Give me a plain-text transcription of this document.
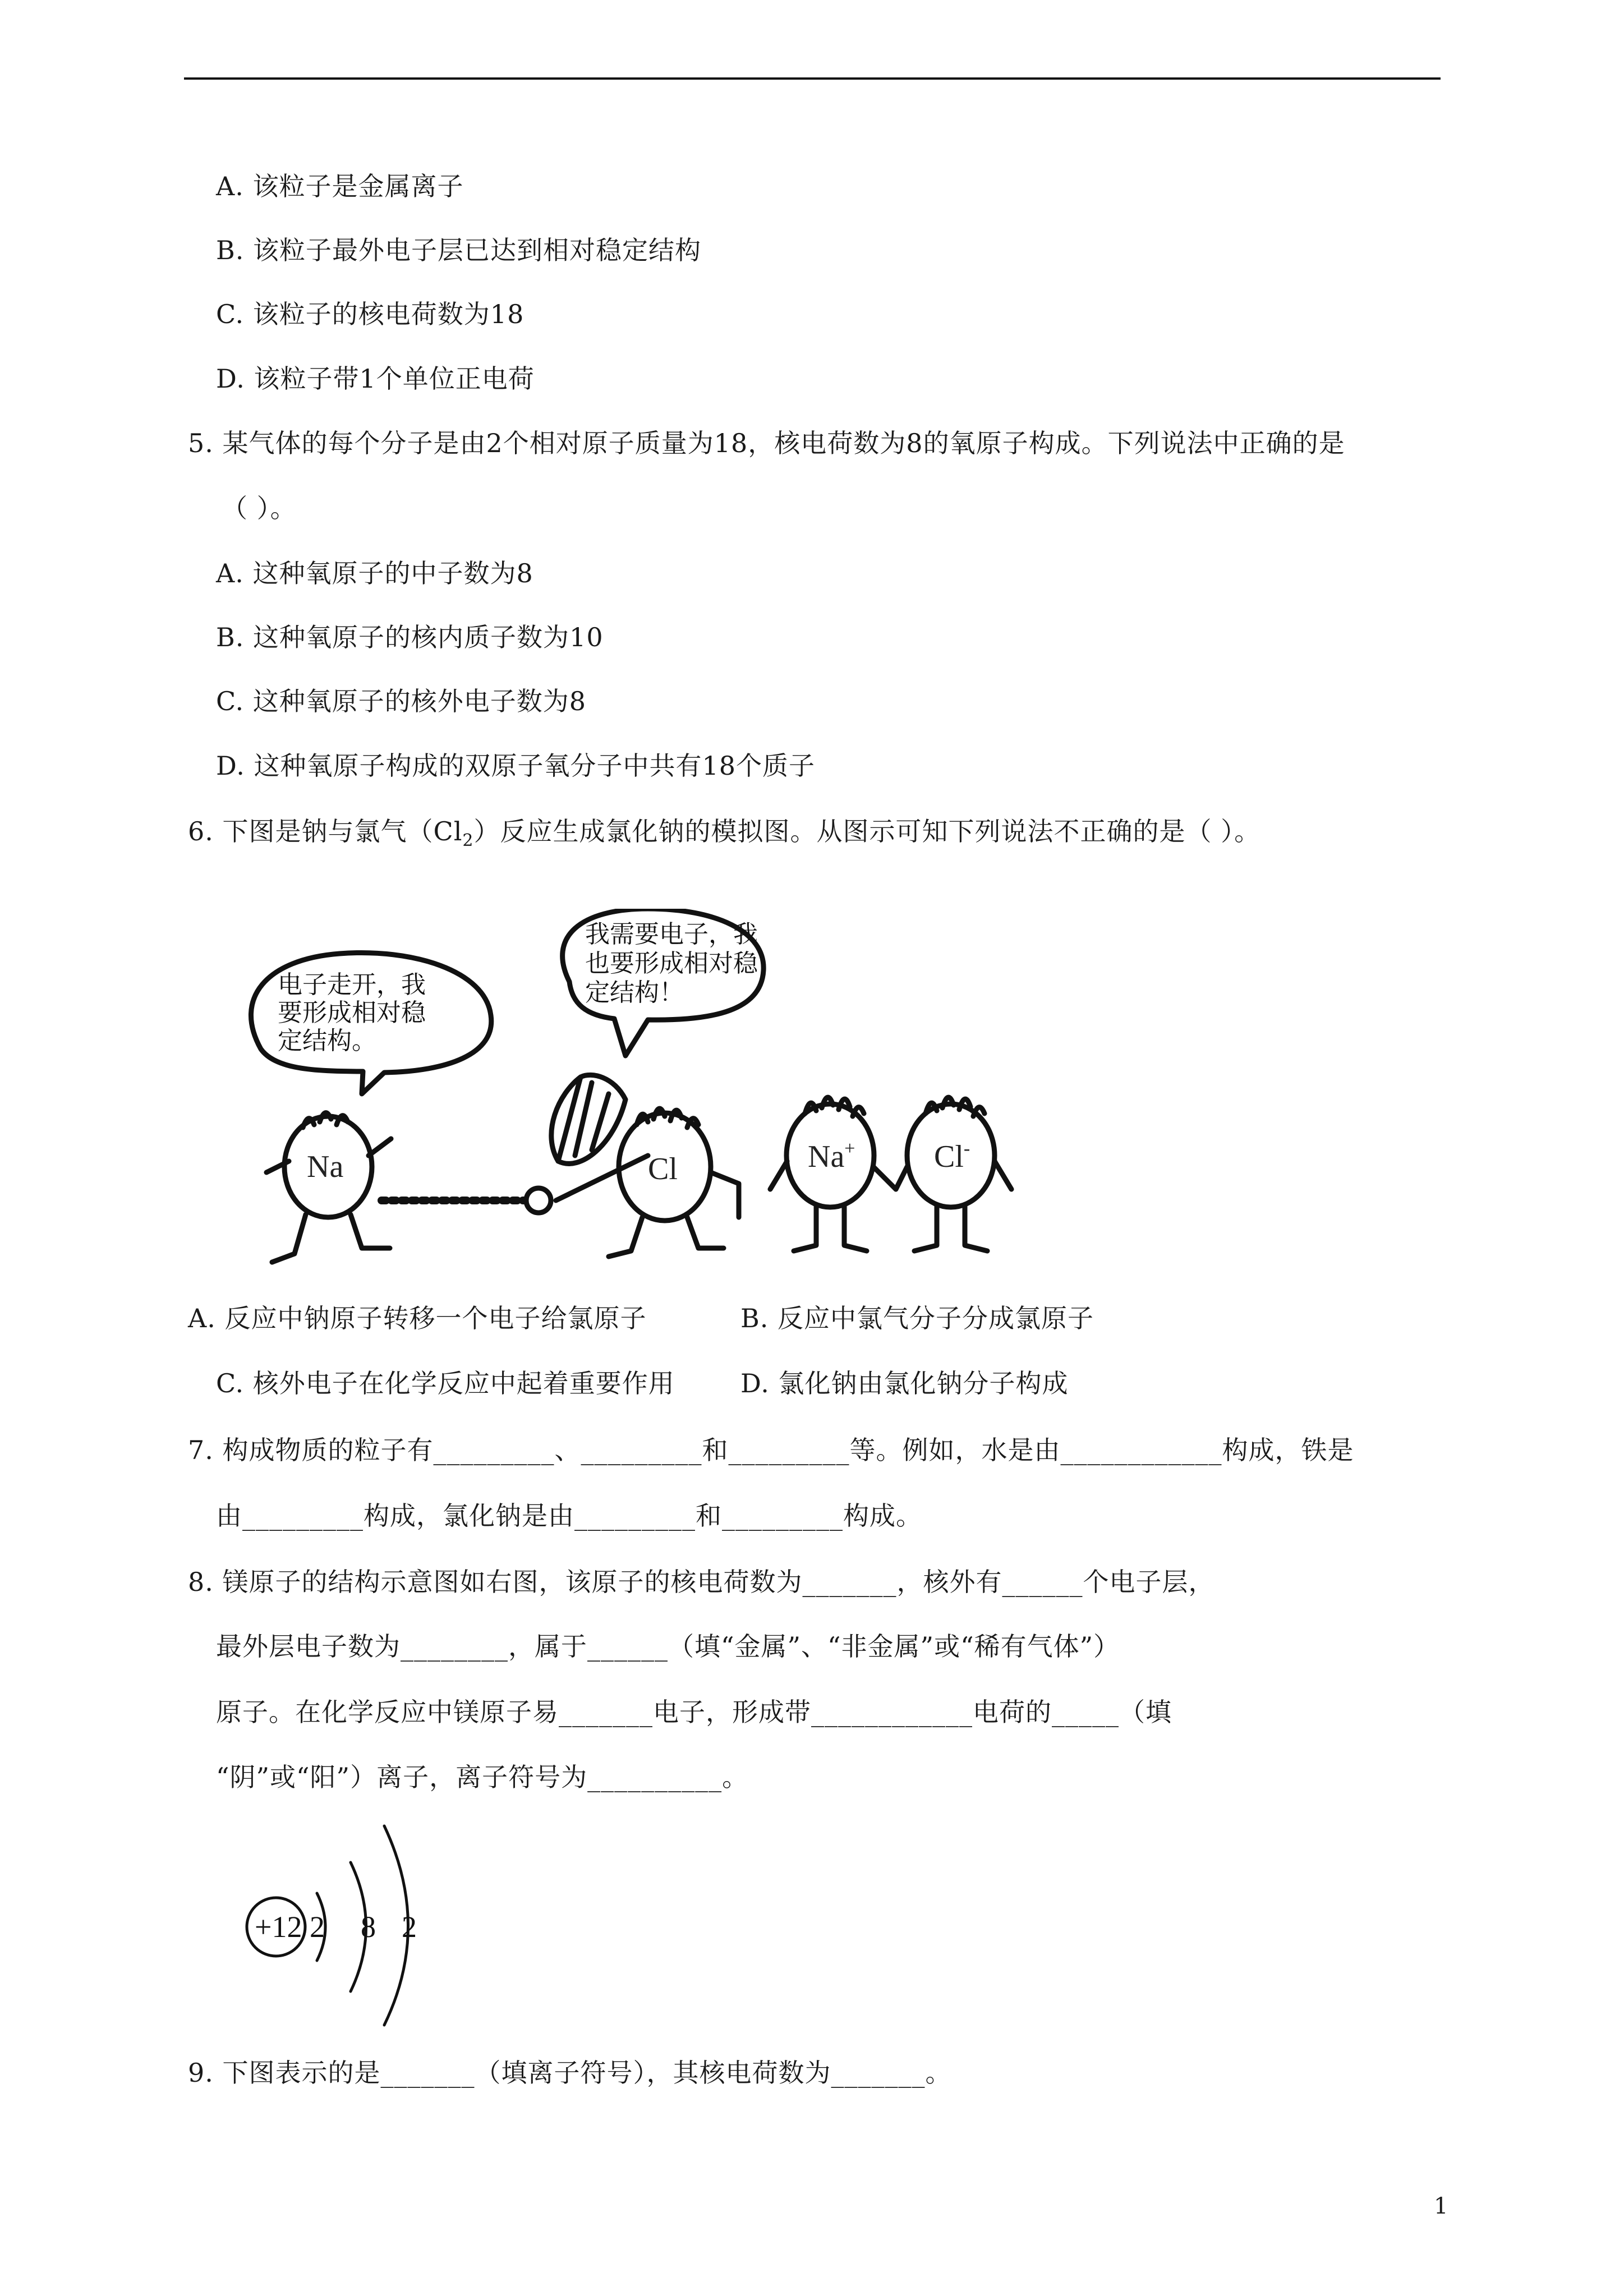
A. 该粒子是金属离子
B. 该粒子最外电子层已达到相对稳定结构
C. 该粒子的核电荷数为18
D. 该粒子带1个单位正电荷
5. 某气体的每个分子是由2个相对原子质量为18，核电荷数为8的氧原子构成。下列说法中正确的是
（ ）。
A. 这种氧原子的中子数为8
B. 这种氧原子的核内质子数为10
C. 这种氧原子的核外电子数为8
D. 这种氧原子构成的双原子氧分子中共有18个质子
6. 下图是钠与氯气$(Cl_2)$反应生成氯化钠的模拟图。从图示可知下列说法不正确的是（ ）。
电子走开，我
要形成相对稳
定结构。
我需要电子，我
也要形成相对稳
定结构！
Na	Cl	Na+	Cl-
A. 反应中钠原子转移一个电子给氯原子	B. 反应中氯气分子分成氯原子
C. 核外电子在化学反应中起着重要作用	D. 氯化钠由氯化钠分子构成
7. 构成物质的粒子有_________、_________和_________等。例如，水是由____________构成，铁是
由_________构成，氯化钠是由_________和_________构成。
8. 镁原子的结构示意图如右图，该原子的核电荷数为_______，核外有______个电子层，
最外层电子数为________，属于______（填“金属”、“非金属”或“稀有气体”）
原子。在化学反应中镁原子易_______电子，形成带____________电荷的_____（填
“阴”或“阳”）离子，离子符号为__________。
+12 2 8 2
9. 下图表示的是_______（填离子符号），其核电荷数为_______。
1
